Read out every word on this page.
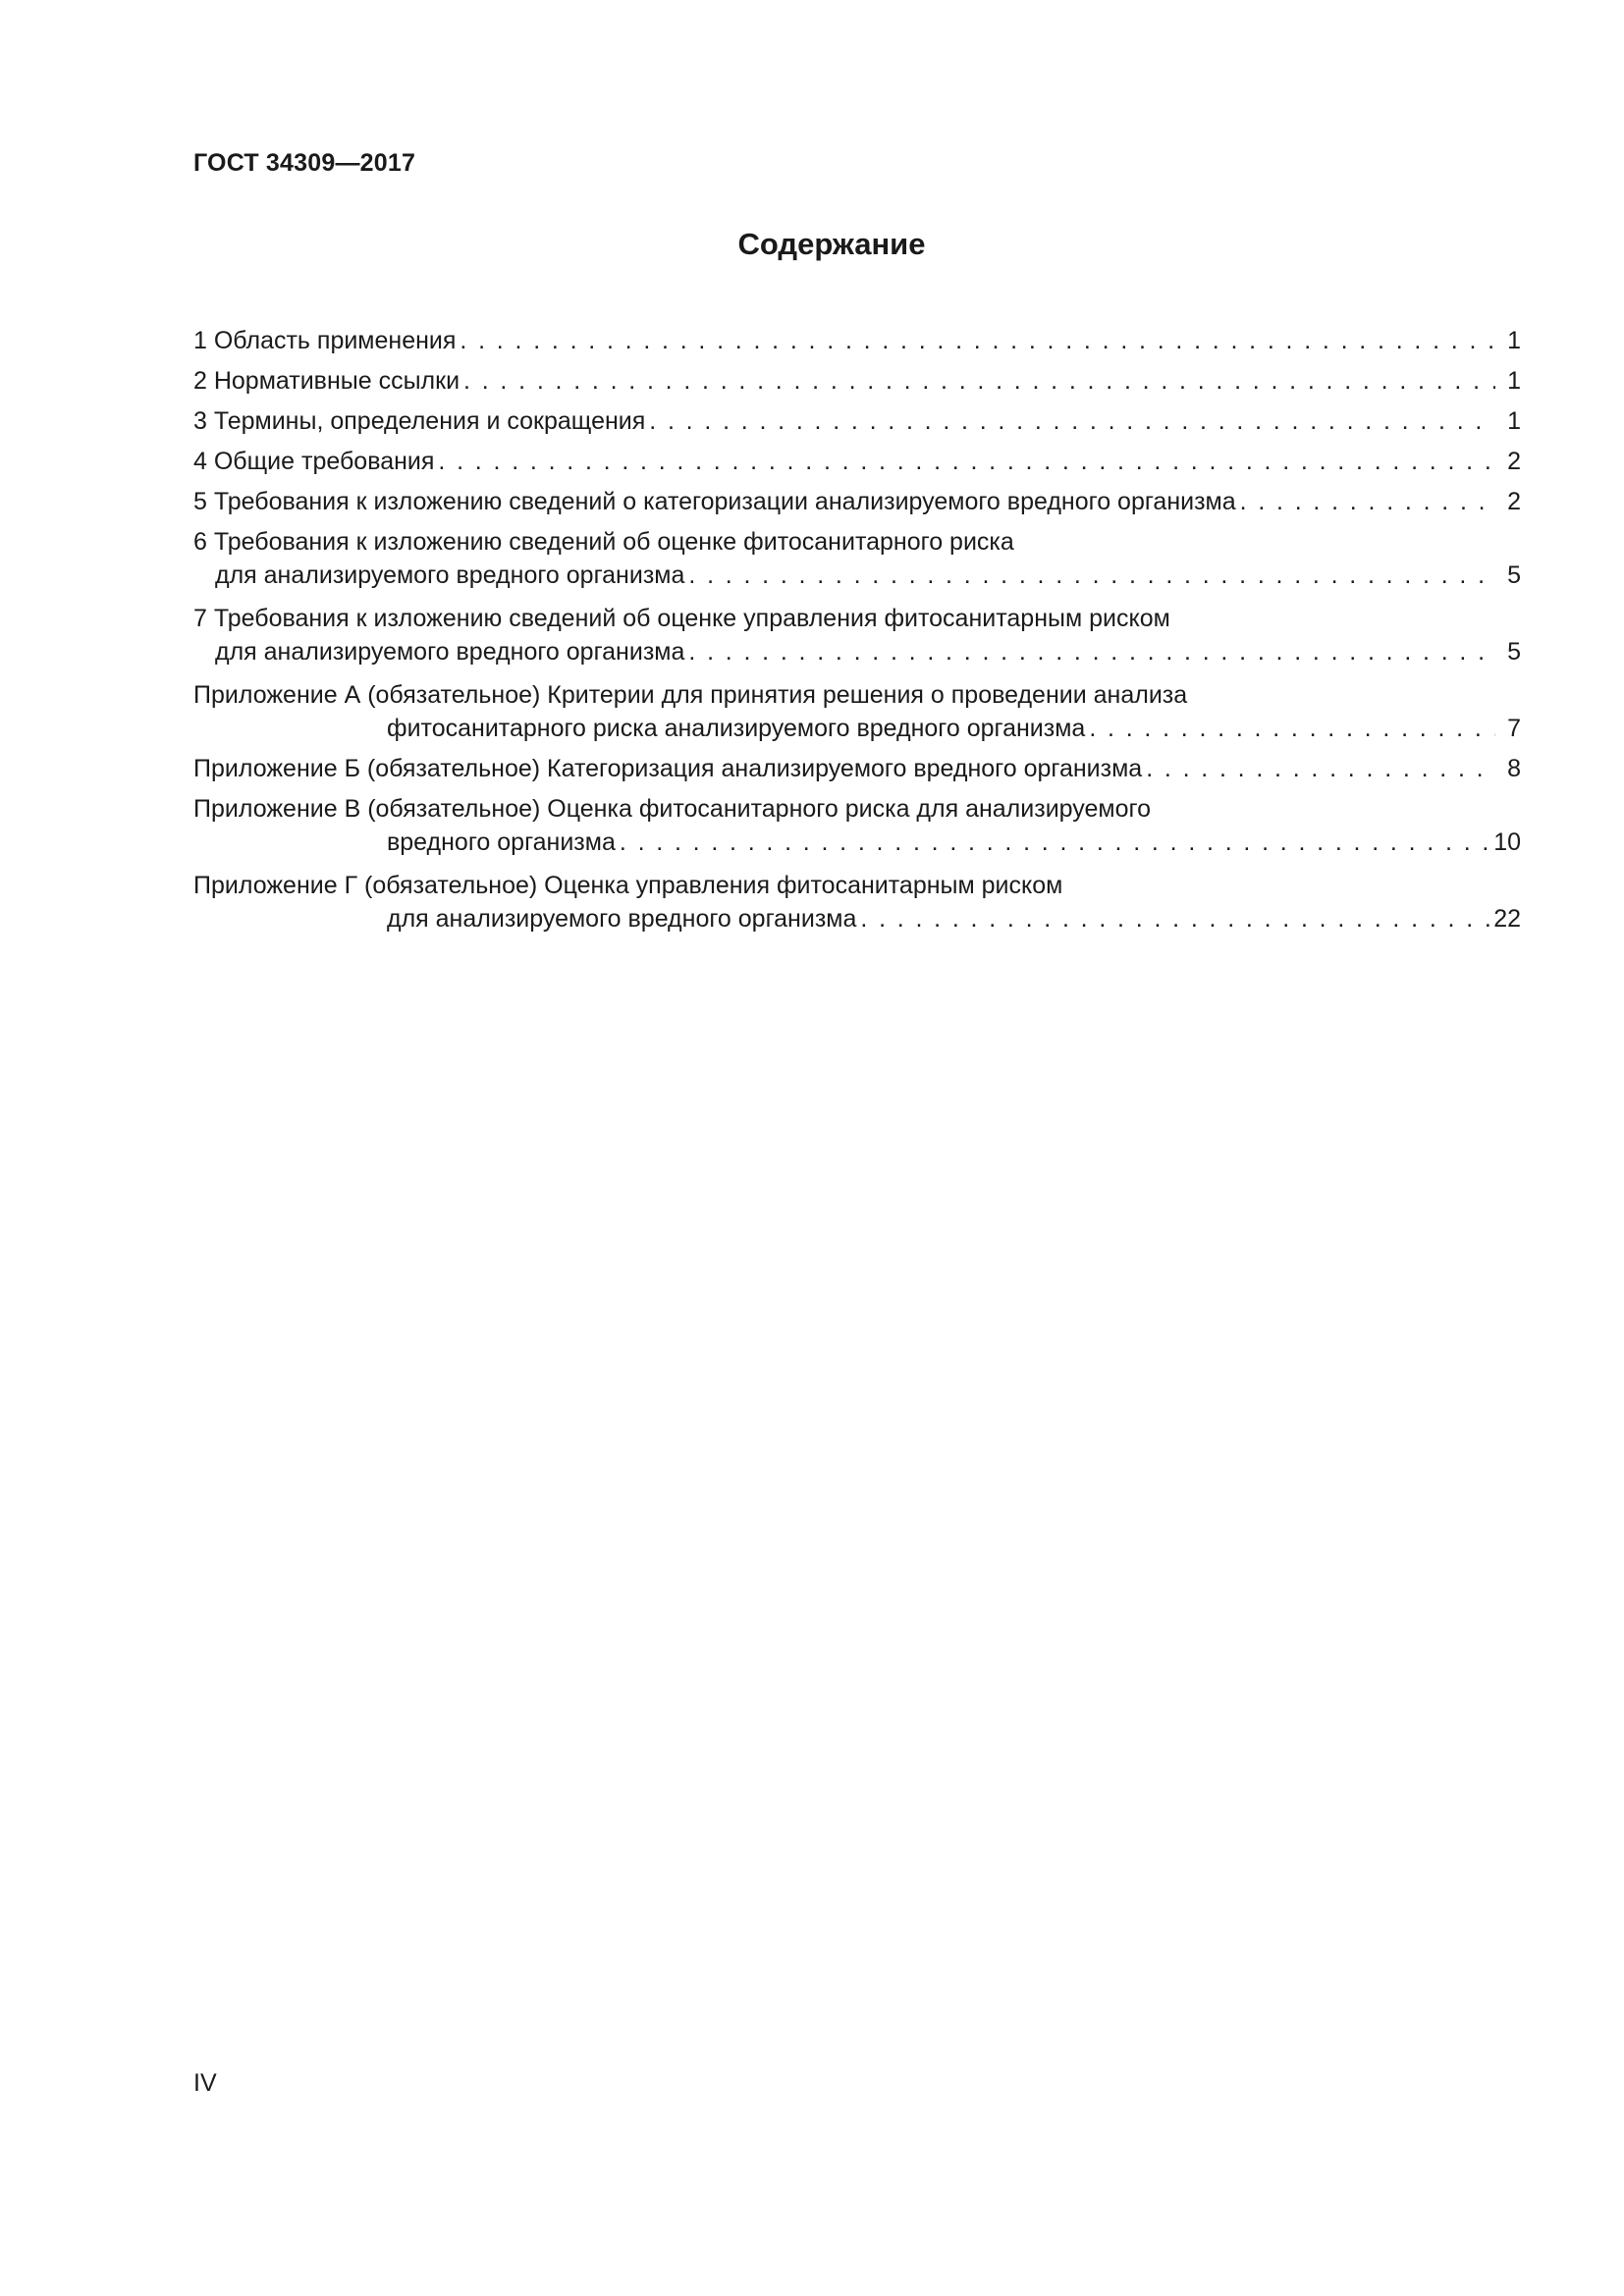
ГОСТ 34309—2017
Содержание
1 Область применения . . .	1
2 Нормативные ссылки . . .	1
3 Термины, определения и сокращения . . .	1
4 Общие требования . . .	2
5 Требования к изложению сведений о категоризации анализируемого вредного организма . . .	2
6 Требования к изложению сведений об оценке фитосанитарного риска
для анализируемого вредного организма . . .	5
7 Требования к изложению сведений об оценке управления фитосанитарным риском
для анализируемого вредного организма . . .	5
Приложение А (обязательное) Критерии для принятия решения о проведении анализа
фитосанитарного риска анализируемого вредного организма . . .	7
Приложение Б (обязательное) Категоризация анализируемого вредного организма . . .	8
Приложение В (обязательное) Оценка фитосанитарного риска для анализируемого
вредного организма . . .	10
Приложение Г (обязательное) Оценка управления фитосанитарным риском
для анализируемого вредного организма . . .	22
IV
